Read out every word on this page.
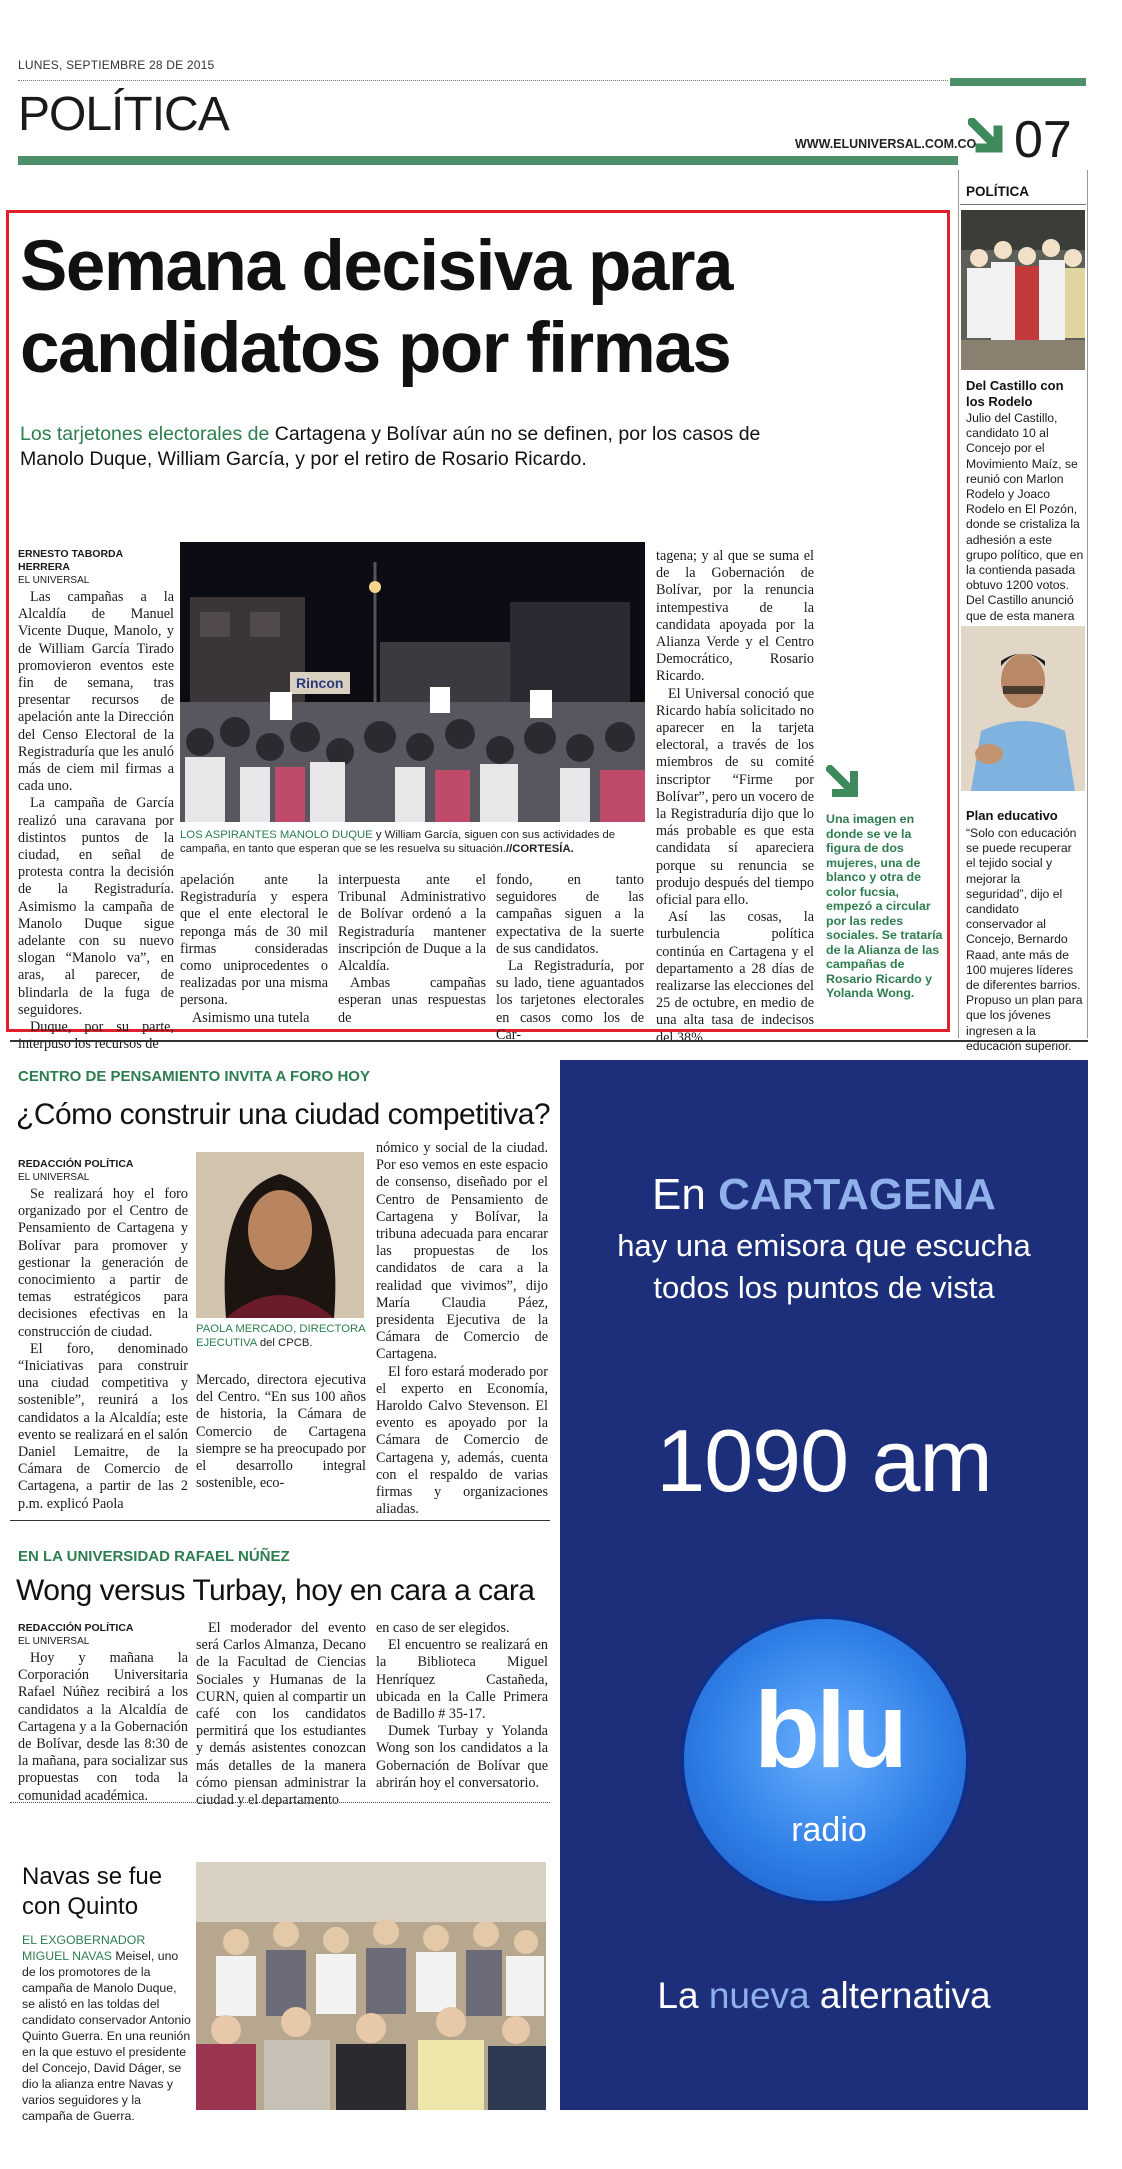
LUNES, SEPTIEMBRE 28 DE 2015
POLÍTICA
WWW.ELUNIVERSAL.COM.CO 07
Semana decisiva para
candidatos por firmas
Los tarjetones electorales de Cartagena y Bolívar aún no se definen, por los casos de Manolo Duque, William García, y por el retiro de Rosario Ricardo.
ERNESTO TABORDA HERRERA
EL UNIVERSAL

Las campañas a la Alcaldía de Manuel Vicente Duque, Manolo, y de William García Tirado promovieron eventos este fin de semana, tras presentar recursos de apelación ante la Dirección del Censo Electoral de la Registraduría que les anuló más de ciem mil firmas a cada uno.

La campaña de García realizó una caravana por distintos puntos de la ciudad, en señal de protesta contra la decisión de la Registraduría. Asimismo la campaña de Manolo Duque sigue adelante con su nuevo slogan “Manolo va”, en aras, al parecer, de blindarla de la fuga de seguidores.

Duque, por su parte, interpuso los recursos de

Rincon
LOS ASPIRANTES MANOLO DUQUE y William García, siguen con sus actividades de campaña, en tanto que esperan que se les resuelva su situación.//CORTESÍA.

apelación ante la Registraduría y espera que el ente electoral le reponga más de 30 mil firmas consideradas como uniprocedentes o realizadas por una misma persona.

Asimismo una tutela

interpuesta ante el Tribunal Administrativo de Bolívar ordenó a la Registraduría mantener inscripción de Duque a la Alcaldía.

Ambas campañas esperan unas respuestas de

fondo, en tanto seguidores de las campañas siguen a la expectativa de la suerte de sus candidatos.

La Registraduría, por su lado, tiene aguantados los tarjetones electorales en casos como los de Car-

tagena; y al que se suma el de la Gobernación de Bolívar, por la renuncia intempestiva de la candidata apoyada por la Alianza Verde y el Centro Democrático, Rosario Ricardo.

El Universal conoció que Ricardo había solicitado no aparecer en la tarjeta electoral, a través de los miembros de su comité inscriptor “Firme por Bolívar”, pero un vocero de la Registraduría dijo que lo más probable es que esta candidata sí apareciera porque su renuncia se produjo después del tiempo oficial para ello.

Así las cosas, la turbulencia política continúa en Cartagena y el departamento a 28 días de realizarse las elecciones del 25 de octubre, en medio de una alta tasa de indecisos del 38%.

Una imagen en donde se ve la figura de dos mujeres, una de blanco y otra de color fucsia, empezó a circular por las redes sociales. Se trataría de la Alianza de las campañas de Rosario Ricardo y Yolanda Wong.
POLÍTICA
Del Castillo con los Rodelo

Julio del Castillo, candidato 10 al Concejo por el Movimiento Maíz, se reunió con Marlon Rodelo y Joaco Rodelo en El Pozón, donde se cristaliza la adhesión a este grupo político, que en la contienda pasada obtuvo 1200 votos. Del Castillo anunció que de esta manera

Plan educativo

“Solo con educación se puede recuperar el tejido social y mejorar la seguridad”, dijo el candidato conservador al Concejo, Bernardo Raad, ante más de 100 mujeres líderes de diferentes barrios. Propuso un plan para que los jóvenes ingresen a la educación superior.

CENTRO DE PENSAMIENTO INVITA A FORO HOY
¿Cómo construir una ciudad competitiva?
REDACCIÓN POLÍTICA
EL UNIVERSAL

Se realizará hoy el foro organizado por el Centro de Pensamiento de Cartagena y Bolívar para promover y gestionar la generación de conocimiento a partir de temas estratégicos para decisiones efectivas en la construcción de ciudad.

El foro, denominado “Iniciativas para construir una ciudad competitiva y sostenible”, reunirá a los candidatos a la Alcaldía; este evento se realizará en el salón Daniel Lemaitre, de la Cámara de Comercio de Cartagena, a partir de las 2 p.m. explicó Paola

PAOLA MERCADO, DIRECTORA EJECUTIVA del CPCB.

Mercado, directora ejecutiva del Centro. “En sus 100 años de historia, la Cámara de Comercio de Cartagena siempre se ha preocupado por el desarrollo integral sostenible, eco-

nómico y social de la ciudad. Por eso vemos en este espacio de consenso, diseñado por el Centro de Pensamiento de Cartagena y Bolívar, la tribuna adecuada para encarar las propuestas de los candidatos de cara a la realidad que vivimos”, dijo María Claudia Páez, presidenta Ejecutiva de la Cámara de Comercio de Cartagena.

El foro estará moderado por el experto en Economía, Haroldo Calvo Stevenson. El evento es apoyado por la Cámara de Comercio de Cartagena y, además, cuenta con el respaldo de varias firmas y organizaciones aliadas.

EN LA UNIVERSIDAD RAFAEL NÚÑEZ
Wong versus Turbay, hoy en cara a cara
REDACCIÓN POLÍTICA
EL UNIVERSAL

Hoy y mañana la Corporación Universitaria Rafael Núñez recibirá a los candidatos a la Alcaldía de Cartagena y a la Gobernación de Bolívar, desde las 8:30 de la mañana, para socializar sus propuestas con toda la comunidad académica.

El moderador del evento será Carlos Almanza, Decano de la Facultad de Ciencias Sociales y Humanas de la CURN, quien al compartir un café con los candidatos permitirá que los estudiantes y demás asistentes conozcan más detalles de la manera cómo piensan administrar la ciudad y el departamento

en caso de ser elegidos.

El encuentro se realizará en la Biblioteca Miguel Henríquez Castañeda, ubicada en la Calle Primera de Badillo # 35-17.

Dumek Turbay y Yolanda Wong son los candidatos a la Gobernación de Bolívar que abrirán hoy el conversatorio.

Navas se fue con Quinto
EL EXGOBERNADOR MIGUEL NAVAS Meisel, uno de los promotores de la campaña de Manolo Duque, se alistó en las toldas del candidato conservador Antonio Quinto Guerra. En una reunión en la que estuvo el presidente del Concejo, David Dáger, se dio la alianza entre Navas y varios seguidores y la campaña de Guerra.
En CARTAGENA
hay una emisora que escucha
todos los puntos de vista
1090 am
blu
radio
La nueva alternativa
